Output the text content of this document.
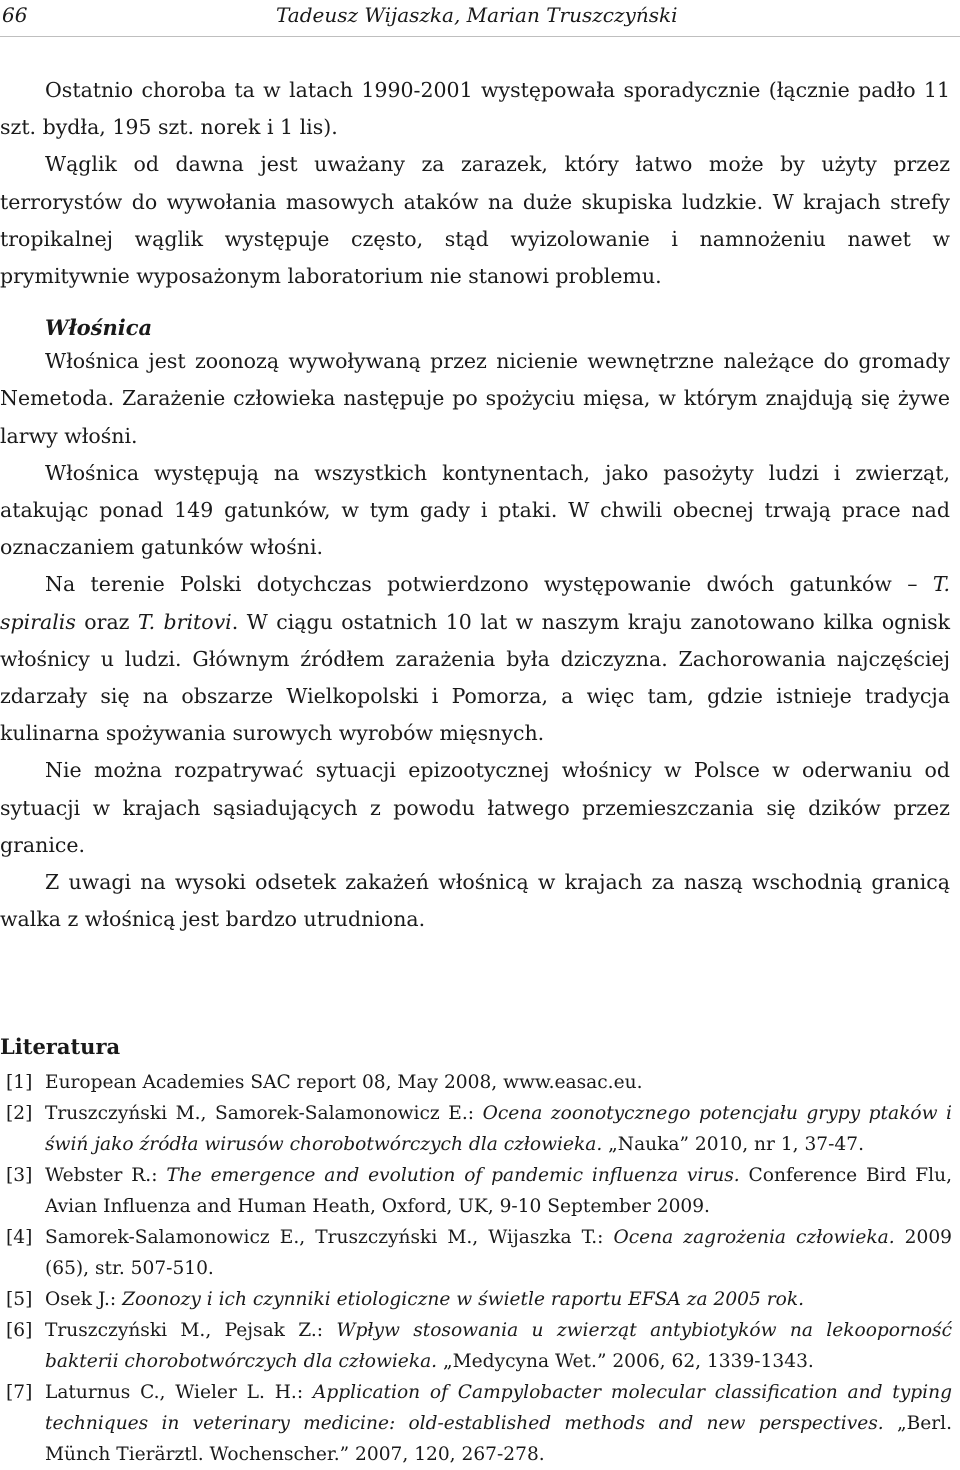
66	Tadeusz Wijaszka, Marian Truszczyński

Ostatnio choroba ta w latach 1990-2001 występowała sporadycznie (łącznie padło 11 szt. bydła, 195 szt. norek i 1 lis).

Wąglik od dawna jest uważany za zarazek, który łatwo może by użyty przez terrorystów do wywołania masowych ataków na duże skupiska ludzkie. W krajach strefy tropikalnej wąglik występuje często, stąd wyizolowanie i namnożeniu nawet w prymitywnie wyposażonym laboratorium nie stanowi problemu.

Włośnica

Włośnica jest zoonozą wywoływaną przez nicienie wewnętrzne należące do gromady Nemetoda. Zarażenie człowieka następuje po spożyciu mięsa, w którym znajdują się żywe larwy włośni.

Włośnica występują na wszystkich kontynentach, jako pasożyty ludzi i zwierząt, atakując ponad 149 gatunków, w tym gady i ptaki. W chwili obecnej trwają prace nad oznaczaniem gatunków włośni.

Na terenie Polski dotychczas potwierdzono występowanie dwóch gatunków – T. spiralis oraz T. britovi. W ciągu ostatnich 10 lat w naszym kraju zanotowano kilka ognisk włośnicy u ludzi. Głównym źródłem zarażenia była dziczyzna. Zachorowania najczęściej zdarzały się na obszarze Wielkopolski i Pomorza, a więc tam, gdzie istnieje tradycja kulinarna spożywania surowych wyrobów mięsnych.

Nie można rozpatrywać sytuacji epizootycznej włośnicy w Polsce w oderwaniu od sytuacji w krajach sąsiadujących z powodu łatwego przemieszczania się dzików przez granice.

Z uwagi na wysoki odsetek zakażeń włośnicą w krajach za naszą wschodnią granicą walka z włośnicą jest bardzo utrudniona.

Literatura
[1] European Academies SAC report 08, May 2008, www.easac.eu.
[2] Truszczyński M., Samorek-Salamonowicz E.: Ocena zoonotycznego potencjału grypy ptaków i świń jako źródła wirusów chorobotwórczych dla człowieka. „Nauka” 2010, nr 1, 37-47.
[3] Webster R.: The emergence and evolution of pandemic influenza virus. Conference Bird Flu, Avian Influenza and Human Heath, Oxford, UK, 9-10 September 2009.
[4] Samorek-Salamonowicz E., Truszczyński M., Wijaszka T.: Ocena zagrożenia człowieka. 2009 (65), str. 507-510.
[5] Osek J.: Zoonozy i ich czynniki etiologiczne w świetle raportu EFSA za 2005 rok.
[6] Truszczyński M., Pejsak Z.: Wpływ stosowania u zwierząt antybiotyków na lekooporność bakterii chorobotwórczych dla człowieka. „Medycyna Wet.” 2006, 62, 1339-1343.
[7] Laturnus C., Wieler L. H.: Application of Campylobacter molecular classification and typing techniques in veterinary medicine: old-established methods and new perspectives. „Berl. Münch Tierärztl. Wochenscher.” 2007, 120, 267-278.
